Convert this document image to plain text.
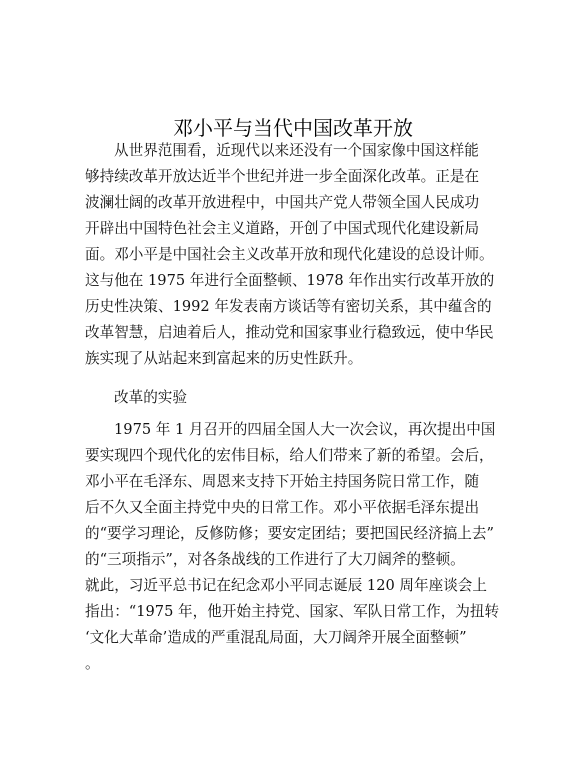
邓小平与当代中国改革开放
从世界范围看，近现代以来还没有一个国家像中国这样能
够持续改革开放达近半个世纪并进一步全面深化改革。正是在
波澜壮阔的改革开放进程中，中国共产党人带领全国人民成功
开辟出中国特色社会主义道路，开创了中国式现代化建设新局
面。邓小平是中国社会主义改革开放和现代化建设的总设计师。
这与他在 1975 年进行全面整顿、1978 年作出实行改革开放的
历史性决策、1992 年发表南方谈话等有密切关系，其中蕴含的
改革智慧，启迪着后人，推动党和国家事业行稳致远，使中华民
族实现了从站起来到富起来的历史性跃升。
改革的实验
1975 年 1 月召开的四届全国人大一次会议，再次提出中国
要实现四个现代化的宏伟目标，给人们带来了新的希望。会后，
邓小平在毛泽东、周恩来支持下开始主持国务院日常工作，随
后不久又全面主持党中央的日常工作。邓小平依据毛泽东提出
的“要学习理论，反修防修；要安定团结；要把国民经济搞上去”
的“三项指示”，对各条战线的工作进行了大刀阔斧的整顿。
就此，习近平总书记在纪念邓小平同志诞辰 120 周年座谈会上
指出：“1975 年，他开始主持党、国家、军队日常工作，为扭转
‘文化大革命’造成的严重混乱局面，大刀阔斧开展全面整顿”
。
